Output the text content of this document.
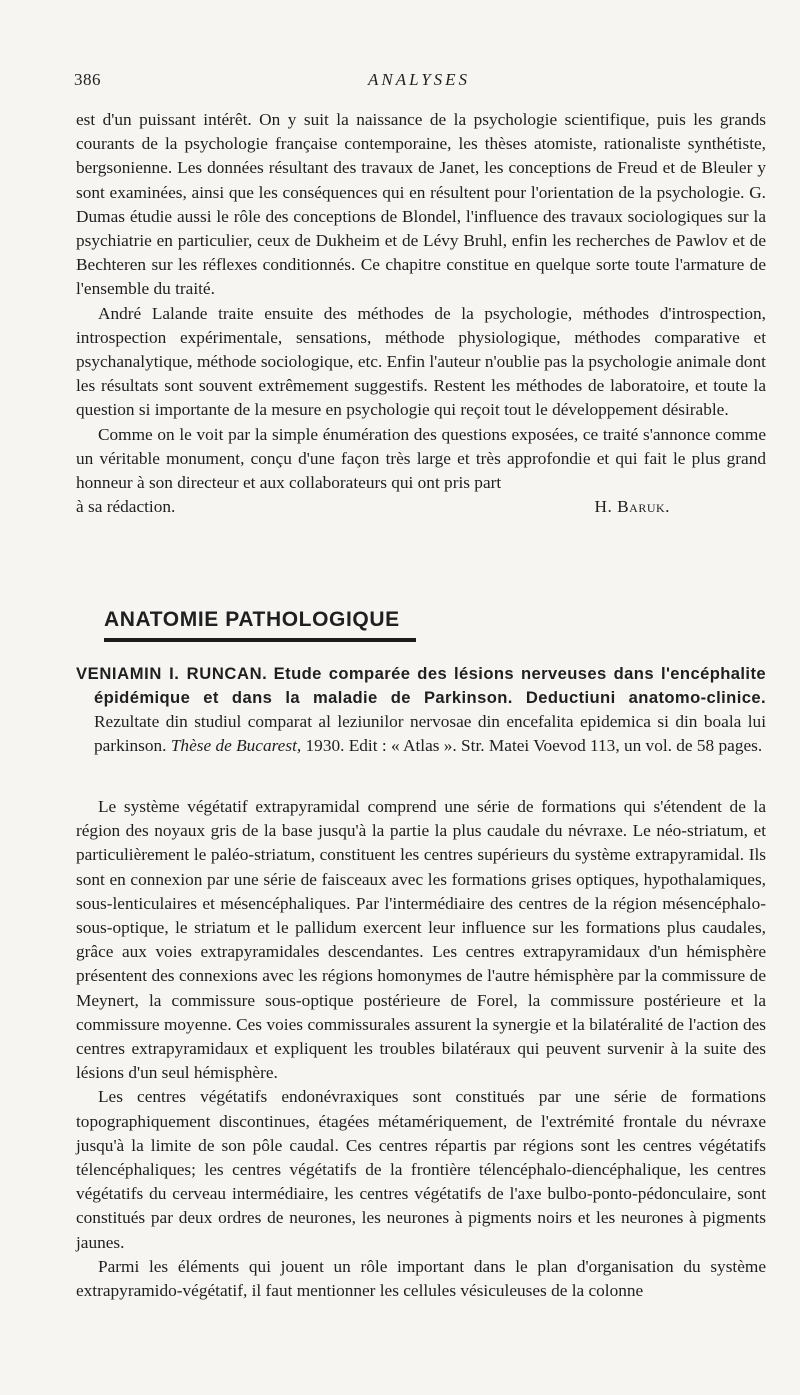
386	ANALYSES

est d'un puissant intérêt. On y suit la naissance de la psychologie scientifique, puis les grands courants de la psychologie française contemporaine, les thèses atomiste, rationaliste synthétiste, bergsonienne. Les données résultant des travaux de Janet, les conceptions de Freud et de Bleuler y sont examinées, ainsi que les conséquences qui en résultent pour l'orientation de la psychologie. G. Dumas étudie aussi le rôle des conceptions de Blondel, l'influence des travaux sociologiques sur la psychiatrie en particulier, ceux de Dukheim et de Lévy Bruhl, enfin les recherches de Pawlov et de Bechteren sur les réflexes conditionnés. Ce chapitre constitue en quelque sorte toute l'armature de l'ensemble du traité.

André Lalande traite ensuite des méthodes de la psychologie, méthodes d'introspection, introspection expérimentale, sensations, méthode physiologique, méthodes comparative et psychanalytique, méthode sociologique, etc. Enfin l'auteur n'oublie pas la psychologie animale dont les résultats sont souvent extrêmement suggestifs. Restent les méthodes de laboratoire, et toute la question si importante de la mesure en psychologie qui reçoit tout le développement désirable.

Comme on le voit par la simple énumération des questions exposées, ce traité s'annonce comme un véritable monument, conçu d'une façon très large et très approfondie et qui fait le plus grand honneur à son directeur et aux collaborateurs qui ont pris part

à sa rédaction.	H. Baruk.

ANATOMIE PATHOLOGIQUE

VENIAMIN I. RUNCAN. Etude comparée des lésions nerveuses dans l'encéphalite épidémique et dans la maladie de Parkinson. Deductiuni anatomo-clinice. Rezultate din studiul comparat al leziunilor nervosae din encefalita epidemica si din boala lui parkinson. Thèse de Bucarest, 1930. Edit : « Atlas ». Str. Matei Voevod 113, un vol. de 58 pages.

Le système végétatif extrapyramidal comprend une série de formations qui s'étendent de la région des noyaux gris de la base jusqu'à la partie la plus caudale du névraxe. Le néo-striatum, et particulièrement le paléo-striatum, constituent les centres supérieurs du système extrapyramidal. Ils sont en connexion par une série de faisceaux avec les formations grises optiques, hypothalamiques, sous-lenticulaires et mésencéphaliques. Par l'intermédiaire des centres de la région mésencéphalo-sous-optique, le striatum et le pallidum exercent leur influence sur les formations plus caudales, grâce aux voies extrapyramidales descendantes. Les centres extrapyramidaux d'un hémisphère présentent des connexions avec les régions homonymes de l'autre hémisphère par la commissure de Meynert, la commissure sous-optique postérieure de Forel, la commissure postérieure et la commissure moyenne. Ces voies commissurales assurent la synergie et la bilatéralité de l'action des centres extrapyramidaux et expliquent les troubles bilatéraux qui peuvent survenir à la suite des lésions d'un seul hémisphère.

Les centres végétatifs endonévraxiques sont constitués par une série de formations topographiquement discontinues, étagées métamériquement, de l'extrémité frontale du névraxe jusqu'à la limite de son pôle caudal. Ces centres répartis par régions sont les centres végétatifs télencéphaliques; les centres végétatifs de la frontière télencéphalo-diencéphalique, les centres végétatifs du cerveau intermédiaire, les centres végétatifs de l'axe bulbo-ponto-pédonculaire, sont constitués par deux ordres de neurones, les neurones à pigments noirs et les neurones à pigments jaunes.

Parmi les éléments qui jouent un rôle important dans le plan d'organisation du système extrapyramido-végétatif, il faut mentionner les cellules vésiculeuses de la colonne
